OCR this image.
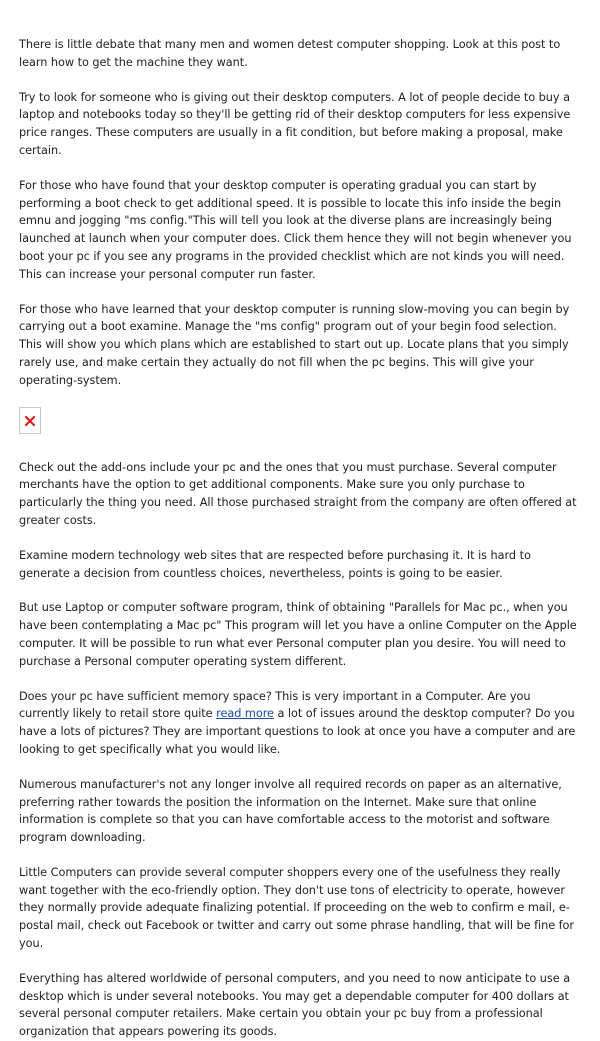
There is little debate that many men and women detest computer shopping. Look at this post to learn how to get the machine they want.

Try to look for someone who is giving out their desktop computers. A lot of people decide to buy a laptop and notebooks today so they'll be getting rid of their desktop computers for less expensive price ranges. These computers are usually in a fit condition, but before making a proposal, make certain.

For those who have found that your desktop computer is operating gradual you can start by performing a boot check to get additional speed. It is possible to locate this info inside the begin emnu and jogging "ms config."This will tell you look at the diverse plans are increasingly being launched at launch when your computer does. Click them hence they will not begin whenever you boot your pc if you see any programs in the provided checklist which are not kinds you will need. This can increase your personal computer run faster.

For those who have learned that your desktop computer is running slow-moving you can begin by carrying out a boot examine. Manage the "ms config" program out of your begin food selection. This will show you which plans which are established to start out up. Locate plans that you simply rarely use, and make certain they actually do not fill when the pc begins. This will give your operating-system.

Check out the add-ons include your pc and the ones that you must purchase. Several computer merchants have the option to get additional components. Make sure you only purchase to particularly the thing you need. All those purchased straight from the company are often offered at greater costs.

Examine modern technology web sites that are respected before purchasing it. It is hard to generate a decision from countless choices, nevertheless, points is going to be easier.

But use Laptop or computer software program, think of obtaining "Parallels for Mac pc., when you have been contemplating a Mac pc" This program will let you have a online Computer on the Apple computer. It will be possible to run what ever Personal computer plan you desire. You will need to purchase a Personal computer operating system different.

Does your pc have sufficient memory space? This is very important in a Computer. Are you currently likely to retail store quite read more a lot of issues around the desktop computer? Do you have a lots of pictures? They are important questions to look at once you have a computer and are looking to get specifically what you would like.

Numerous manufacturer's not any longer involve all required records on paper as an alternative, preferring rather towards the position the information on the Internet. Make sure that online information is complete so that you can have comfortable access to the motorist and software program downloading.

Little Computers can provide several computer shoppers every one of the usefulness they really want together with the eco-friendly option. They don't use tons of electricity to operate, however they normally provide adequate finalizing potential. If proceeding on the web to confirm e mail, e-postal mail, check out Facebook or twitter and carry out some phrase handling, that will be fine for you.

Everything has altered worldwide of personal computers, and you need to now anticipate to use a desktop which is under several notebooks. You may get a dependable computer for 400 dollars at several personal computer retailers. Make certain you obtain your pc buy from a professional organization that appears powering its goods.
